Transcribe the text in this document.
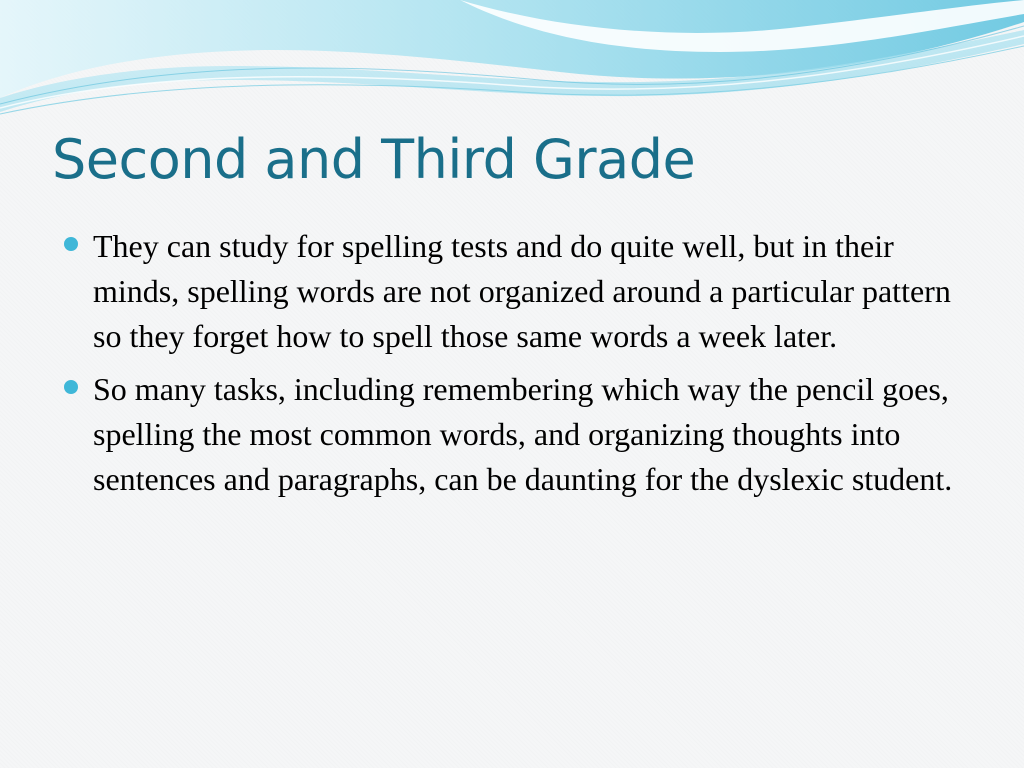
Second and Third Grade
They can study for spelling tests and do quite well, but in their minds, spelling words are not organized around a particular pattern so they forget how to spell those same words a week later.
So many tasks, including remembering which way the pencil goes, spelling the most common words, and organizing thoughts into sentences and paragraphs, can be daunting for the dyslexic student.
